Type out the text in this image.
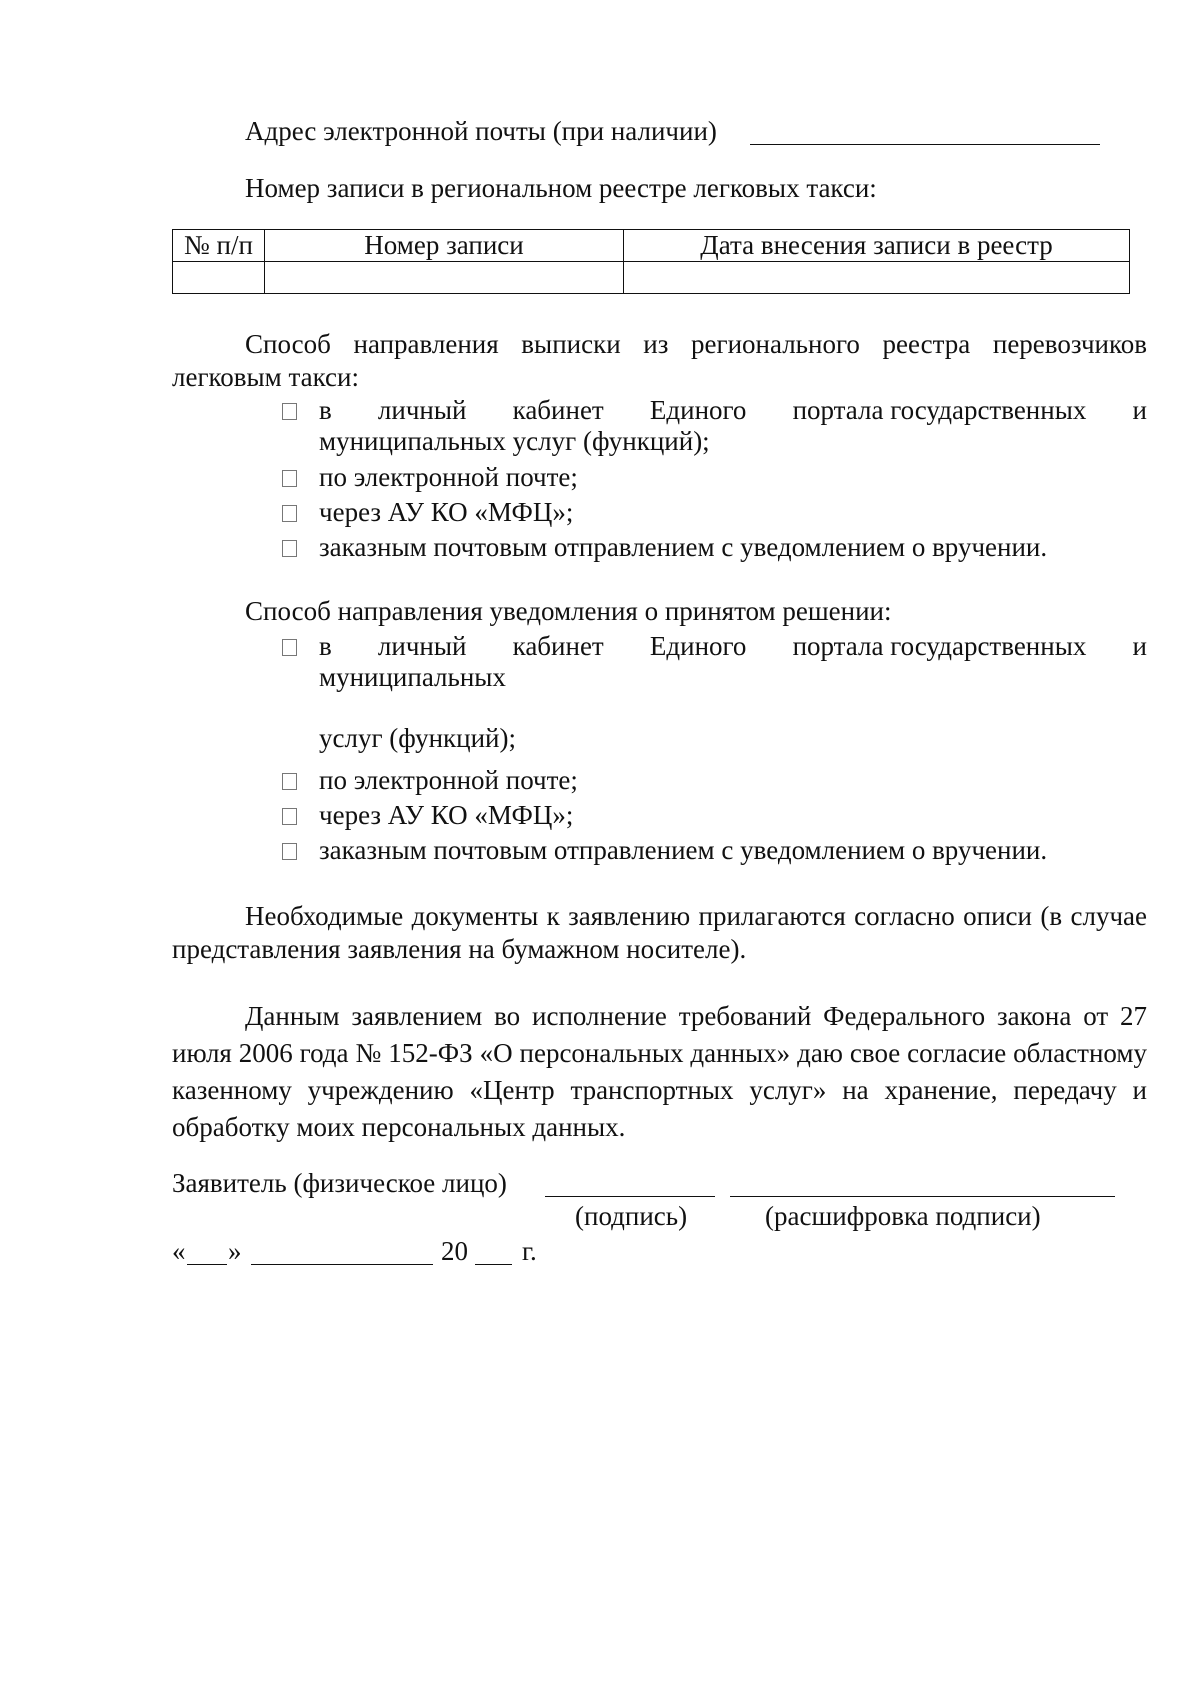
Адрес электронной почты (при наличии)
Номер записи в региональном реестре легковых такси:
№ п/п	Номер записи	Дата внесения записи в реестр

Способ направления выписки из регионального реестра перевозчиков легковым такси:

в личный кабинет Единого портала государственных и
муниципальных услуг (функций);
по электронной почте;
через АУ КО «МФЦ»;
заказным почтовым отправлением с уведомлением о вручении.
Способ направления уведомления о принятом решении:
в личный кабинет Единого портала государственных и
муниципальных
услуг (функций);
по электронной почте;
через АУ КО «МФЦ»;
заказным почтовым отправлением с уведомлением о вручении.

Необходимые документы к заявлению прилагаются согласно описи (в случае представления заявления на бумажном носителе).

Данным заявлением во исполнение требований Федерального закона от 27 июля 2006 года № 152-ФЗ «О персональных данных» даю свое согласие областному казенному учреждению «Центр транспортных услуг» на хранение, передачу и обработку моих персональных данных.

Заявитель (физическое лицо)
(подпись)	(расшифровка подписи)
« »	20 г.
